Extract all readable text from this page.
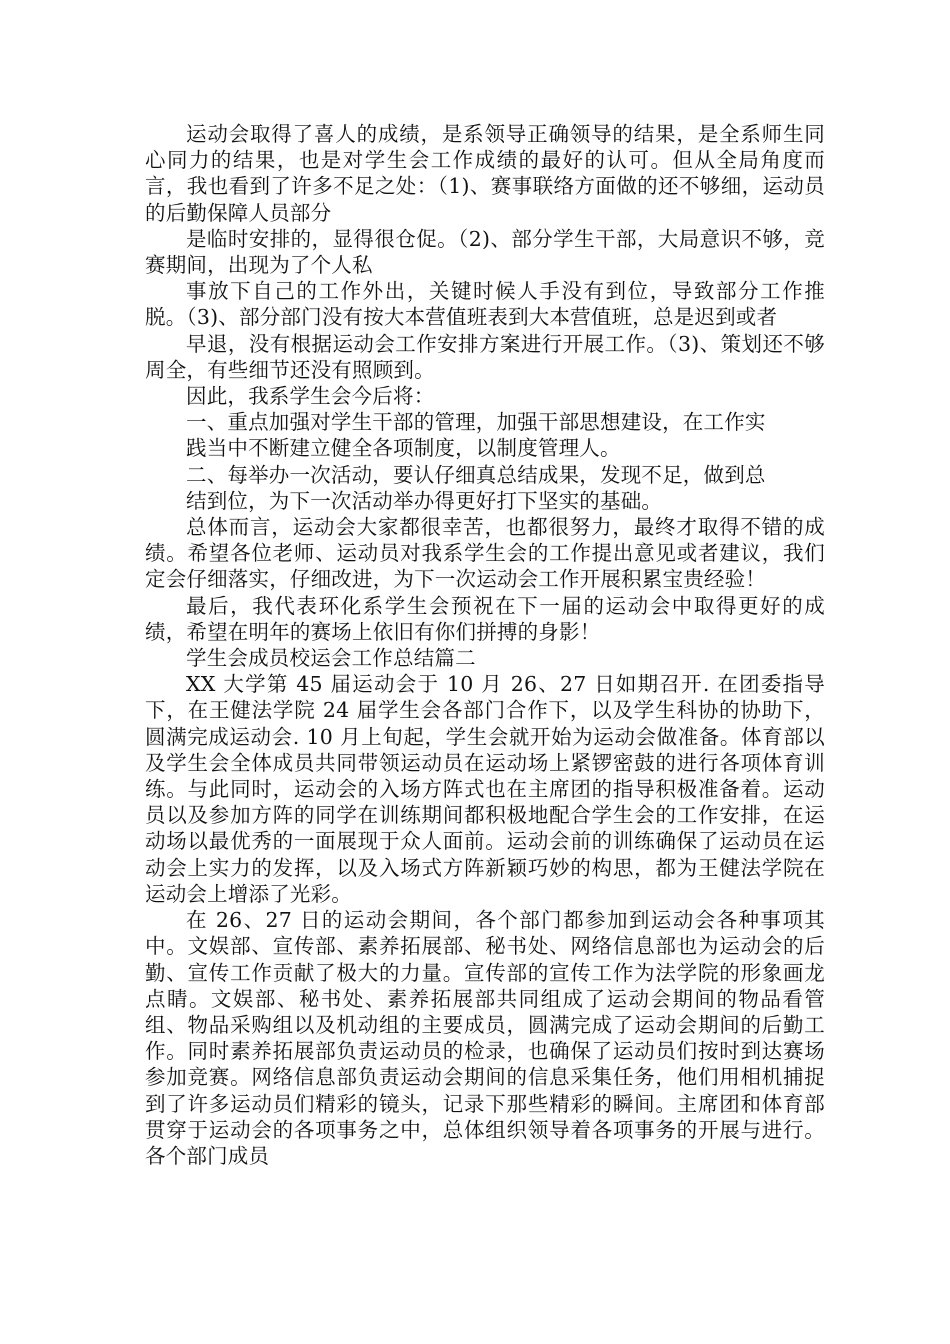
运动会取得了喜人的成绩，是系领导正确领导的结果，是全系师生同心同力的结果，也是对学生会工作成绩的最好的认可。但从全局角度而言，我也看到了许多不足之处：（1)、赛事联络方面做的还不够细，运动员的后勤保障人员部分

是临时安排的，显得很仓促。（2)、部分学生干部，大局意识不够，竞赛期间，出现为了个人私

事放下自己的工作外出，关键时候人手没有到位，导致部分工作推脱。（3)、部分部门没有按大本营值班表到大本营值班，总是迟到或者

早退，没有根据运动会工作安排方案进行开展工作。（3)、策划还不够周全，有些细节还没有照顾到。

因此，我系学生会今后将：

一、重点加强对学生干部的管理，加强干部思想建设，在工作实

践当中不断建立健全各项制度，以制度管理人。

二、每举办一次活动，要认仔细真总结成果，发现不足，做到总

结到位，为下一次活动举办得更好打下坚实的基础。

总体而言，运动会大家都很幸苦，也都很努力，最终才取得不错的成绩。希望各位老师、运动员对我系学生会的工作提出意见或者建议，我们定会仔细落实，仔细改进，为下一次运动会工作开展积累宝贵经验！

最后，我代表环化系学生会预祝在下一届的运动会中取得更好的成绩，希望在明年的赛场上依旧有你们拼搏的身影！

学生会成员校运会工作总结篇二

XX 大学第 45 届运动会于 10 月 26、27 日如期召开. 在团委指导下，在王健法学院 24 届学生会各部门合作下，以及学生科协的协助下，圆满完成运动会. 10 月上旬起，学生会就开始为运动会做准备。体育部以及学生会全体成员共同带领运动员在运动场上紧锣密鼓的进行各项体育训练。与此同时，运动会的入场方阵式也在主席团的指导积极准备着。运动员以及参加方阵的同学在训练期间都积极地配合学生会的工作安排，在运动场以最优秀的一面展现于众人面前。运动会前的训练确保了运动员在运动会上实力的发挥，以及入场式方阵新颖巧妙的构思，都为王健法学院在运动会上增添了光彩。

在 26、27 日的运动会期间，各个部门都参加到运动会各种事项其中。文娱部、宣传部、素养拓展部、秘书处、网络信息部也为运动会的后勤、宣传工作贡献了极大的力量。宣传部的宣传工作为法学院的形象画龙点睛。文娱部、秘书处、素养拓展部共同组成了运动会期间的物品看管组、物品采购组以及机动组的主要成员，圆满完成了运动会期间的后勤工作。同时素养拓展部负责运动员的检录，也确保了运动员们按时到达赛场参加竞赛。网络信息部负责运动会期间的信息采集任务，他们用相机捕捉到了许多运动员们精彩的镜头，记录下那些精彩的瞬间。主席团和体育部贯穿于运动会的各项事务之中，总体组织领导着各项事务的开展与进行。各个部门成员
